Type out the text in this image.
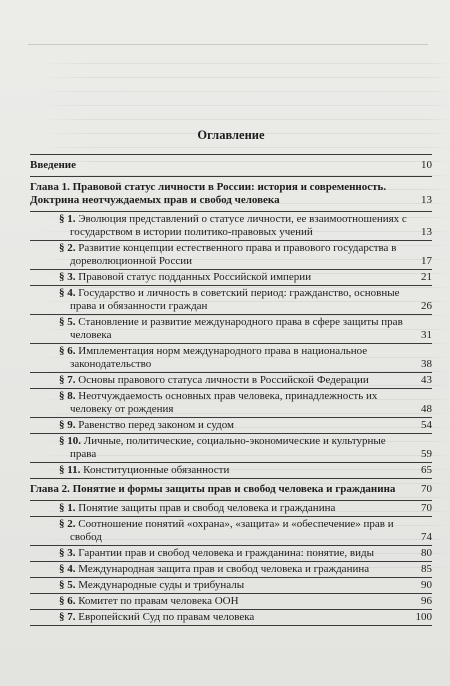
Оглавление
Введение	10
Глава 1. Правовой статус личности в России: история и современность. Доктрина неотчуждаемых прав и свобод человека	13
§ 1. Эволюция представлений о статусе личности, ее взаимоотношениях с государством в истории политико-правовых учений	13
§ 2. Развитие концепции естественного права и правового государства в дореволюционной России	17
§ 3. Правовой статус подданных Российской империи	21
§ 4. Государство и личность в советский период: гражданство, основные права и обязанности граждан	26
§ 5. Становление и развитие международного права в сфере защиты прав человека	31
§ 6. Имплементация норм международного права в национальное законодательство	38
§ 7. Основы правового статуса личности в Российской Федерации	43
§ 8. Неотчуждаемость основных прав человека, принадлежность их человеку от рождения	48
§ 9. Равенство перед законом и судом	54
§ 10. Личные, политические, социально-экономические и культурные права	59
§ 11. Конституционные обязанности	65
Глава 2. Понятие и формы защиты прав и свобод человека и гражданина	70
§ 1. Понятие защиты прав и свобод человека и гражданина	70
§ 2. Соотношение понятий «охрана», «защита» и «обеспечение» прав и свобод	74
§ 3. Гарантии прав и свобод человека и гражданина: понятие, виды	80
§ 4. Международная защита прав и свобод человека и гражданина	85
§ 5. Международные суды и трибуналы	90
§ 6. Комитет по правам человека ООН	96
§ 7. Европейский Суд по правам человека	100
